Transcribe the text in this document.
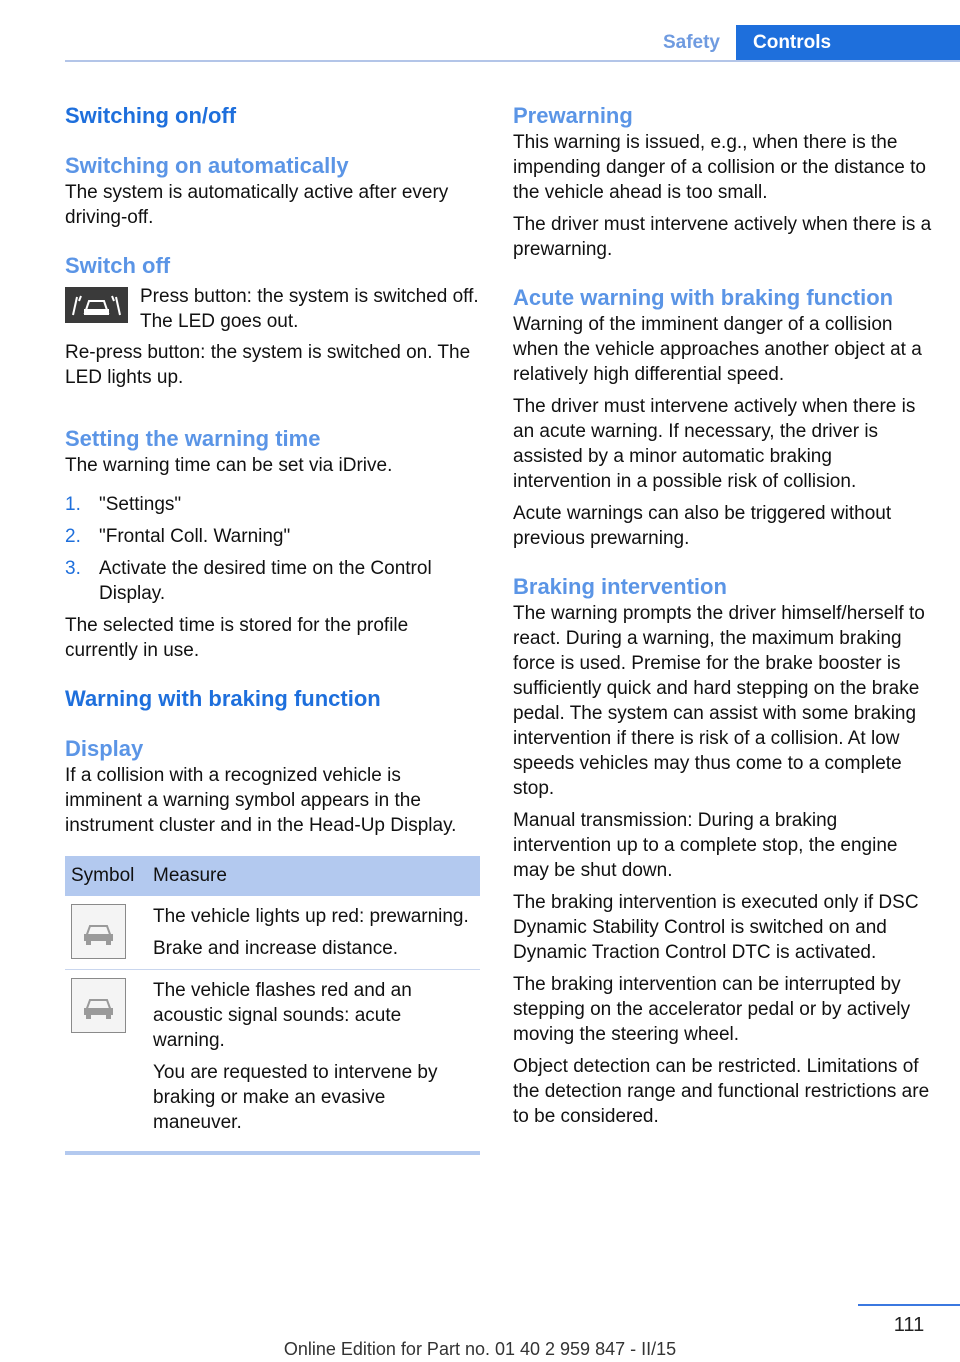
Safety	Controls
Switching on/off
Switching on automatically

The system is automatically active after every driving-off.

Switch off
Press button: the system is switched off. The LED goes out.

Re-press button: the system is switched on. The LED lights up.

Setting the warning time

The warning time can be set via iDrive.

1. "Settings"
2. "Frontal Coll. Warning"
3. Activate the desired time on the Control Display.

The selected time is stored for the profile currently in use.

Warning with braking function
Display

If a collision with a recognized vehicle is imminent a warning symbol appears in the instrument cluster and in the Head-Up Display.

Symbol	Measure

The vehicle lights up red: prewarning.
Brake and increase distance.

The vehicle flashes red and an acoustic signal sounds: acute warning.
You are requested to intervene by braking or make an evasive maneuver.
Prewarning

This warning is issued, e.g., when there is the impending danger of a collision or the distance to the vehicle ahead is too small.

The driver must intervene actively when there is a prewarning.

Acute warning with braking function

Warning of the imminent danger of a collision when the vehicle approaches another object at a relatively high differential speed.

The driver must intervene actively when there is an acute warning. If necessary, the driver is assisted by a minor automatic braking intervention in a possible risk of collision.

Acute warnings can also be triggered without previous prewarning.

Braking intervention

The warning prompts the driver himself/herself to react. During a warning, the maximum braking force is used. Premise for the brake booster is sufficiently quick and hard stepping on the brake pedal. The system can assist with some braking intervention if there is risk of a collision. At low speeds vehicles may thus come to a complete stop.

Manual transmission: During a braking intervention up to a complete stop, the engine may be shut down.

The braking intervention is executed only if DSC Dynamic Stability Control is switched on and Dynamic Traction Control DTC is activated.

The braking intervention can be interrupted by stepping on the accelerator pedal or by actively moving the steering wheel.

Object detection can be restricted. Limitations of the detection range and functional restrictions are to be considered.

111
Online Edition for Part no. 01 40 2 959 847 - II/15
